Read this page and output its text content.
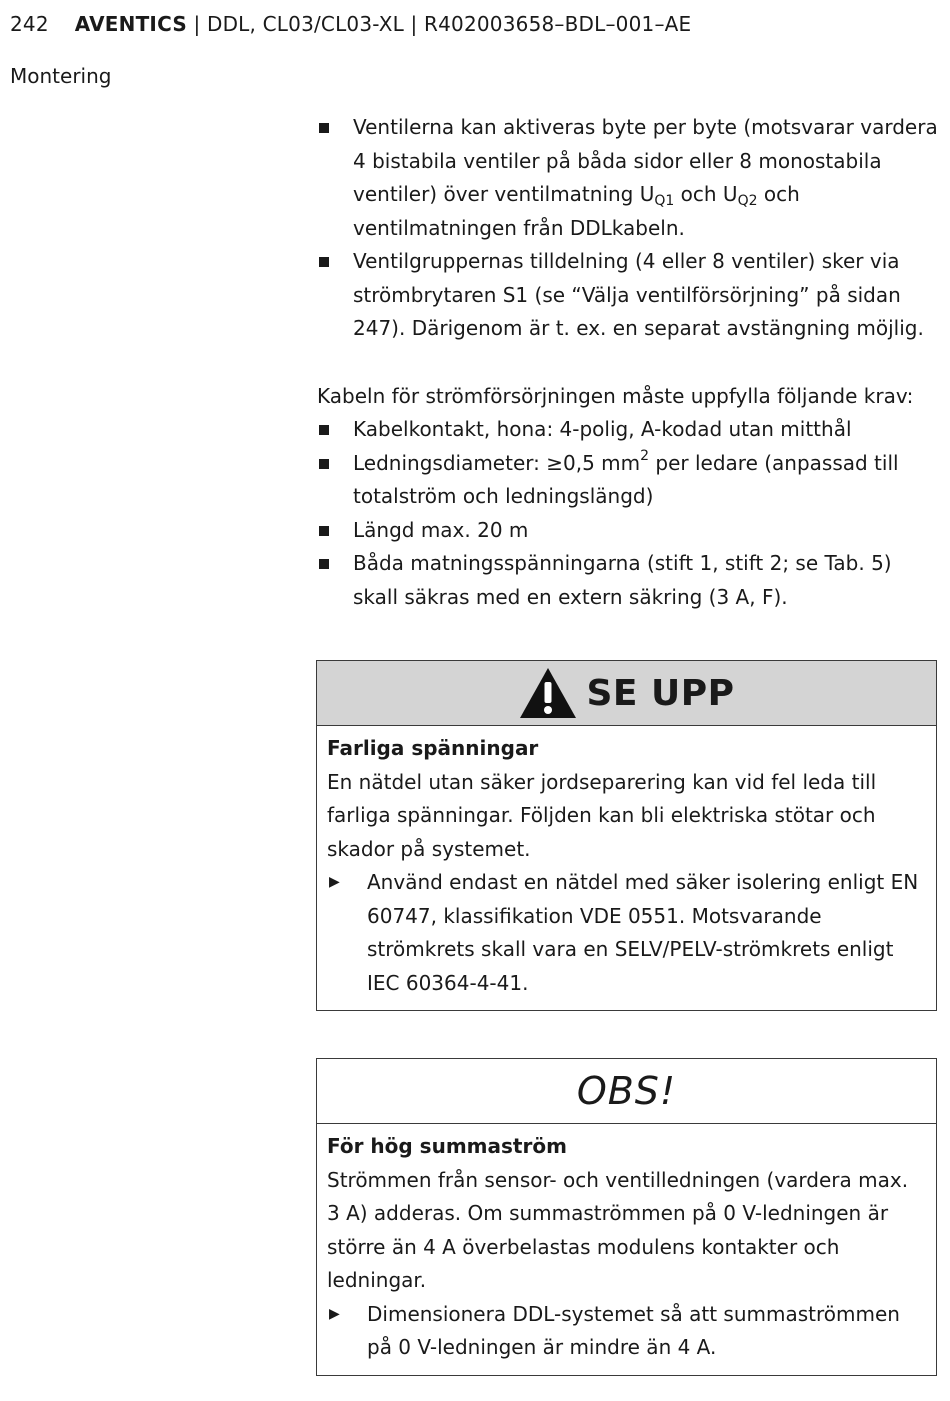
242 AVENTICS | DDL, CL03/CL03-XL | R402003658–BDL–001–AE
Montering
Ventilerna kan aktiveras byte per byte (motsvarar vardera 4 bistabila ventiler på båda sidor eller 8 monostabila ventiler) över ventilmatning $U_{Q1}$ och $U_{Q2}$ och ventilmatningen från DDLkabeln.
Ventilgruppernas tilldelning (4 eller 8 ventiler) sker via strömbrytaren S1 (se “Välja ventilförsörjning” på sidan 247). Därigenom är t. ex. en separat avstängning möjlig.
Kabeln för strömförsörjningen måste uppfylla följande krav:
Kabelkontakt, hona: 4-polig, A-kodad utan mitthål
Ledningsdiameter: ≥0,5 $mm^2$ per ledare (anpassad till totalström och ledningslängd)
Längd max. 20 m
Båda matningsspänningarna (stift 1, stift 2; se Tab. 5) skall säkras med en extern säkring (3 A, F).
SE UPP
Farliga spänningar
En nätdel utan säker jordseparering kan vid fel leda till farliga spänningar. Följden kan bli elektriska stötar och skador på systemet.
▶ Använd endast en nätdel med säker isolering enligt EN 60747, klassifikation VDE 0551. Motsvarande strömkrets skall vara en SELV/PELV-strömkrets enligt IEC 60364-4-41.
OBS!
För hög summaström
Strömmen från sensor- och ventilledningen (vardera max. 3 A) adderas. Om summaströmmen på 0 V-ledningen är större än 4 A överbelastas modulens kontakter och ledningar.
▶ Dimensionera DDL-systemet så att summaströmmen på 0 V-ledningen är mindre än 4 A.
